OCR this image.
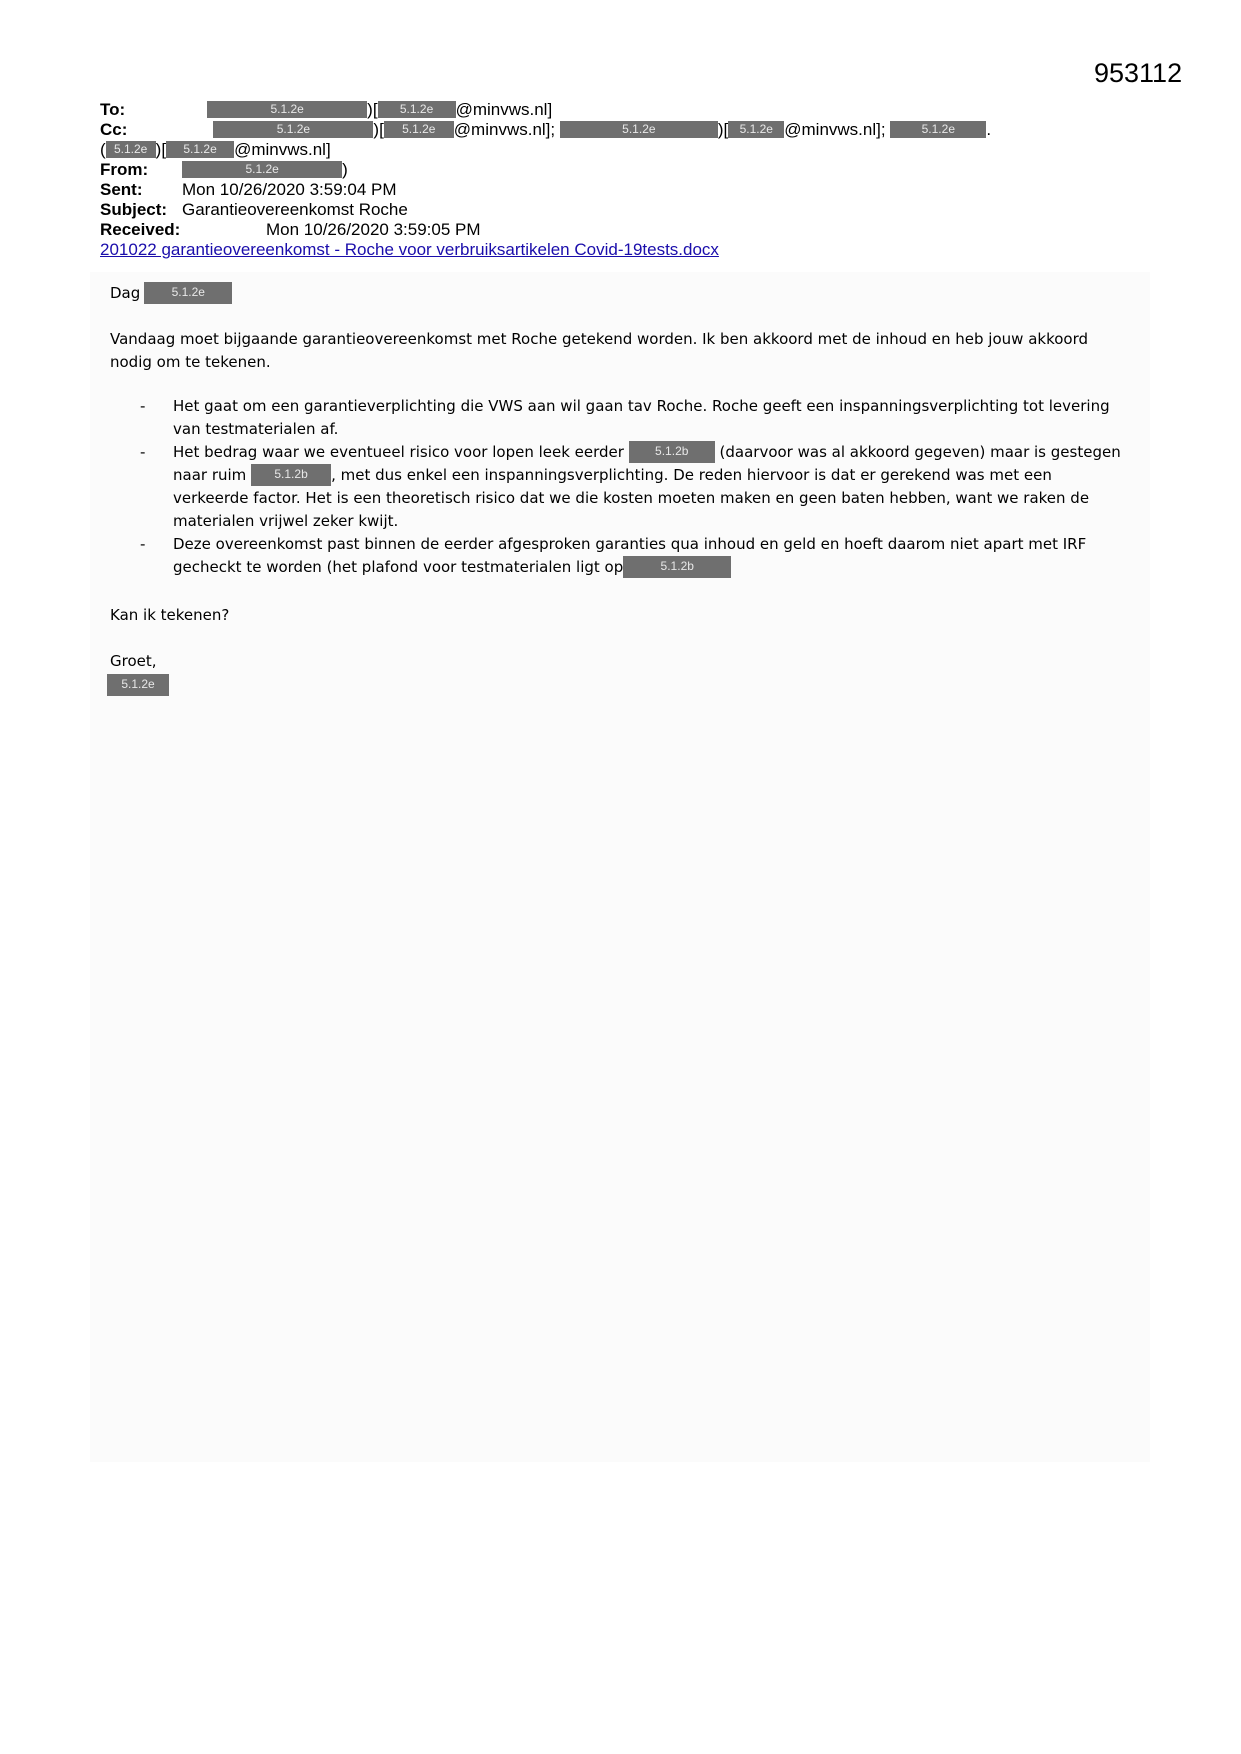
953112
To:	5.1.2e	)[ 5.1.2e @minvws.nl]
Cc:	5.1.2e	)[ 5.1.2e @minvws.nl];	5.1.2e	)[ 5.1.2e @minvws.nl];	5.1.2e .
( 5.1.2e )[ 5.1.2e @minvws.nl]
From:	5.1.2e	)
Sent: Mon 10/26/2020 3:59:04 PM
Subject: Garantieovereenkomst Roche
Received:	Mon 10/26/2020 3:59:05 PM
201022 garantieovereenkomst - Roche voor verbruiksartikelen Covid-19tests.docx

Dag	5.1.2e

Vandaag moet bijgaande garantieovereenkomst met Roche getekend worden. Ik ben akkoord met de inhoud en heb jouw akkoord nodig om te tekenen.

- Het gaat om een garantieverplichting die VWS aan wil gaan tav Roche. Roche geeft een inspanningsverplichting tot levering van testmaterialen af.
- Het bedrag waar we eventueel risico voor lopen leek eerder	5.1.2b (daarvoor was al akkoord gegeven) maar is gestegen naar ruim 5.1.2b , met dus enkel een inspanningsverplichting. De reden hiervoor is dat er gerekend was met een verkeerde factor. Het is een theoretisch risico dat we die kosten moeten maken en geen baten hebben, want we raken de materialen vrijwel zeker kwijt.
- Deze overeenkomst past binnen de eerder afgesproken garanties qua inhoud en geld en hoeft daarom niet apart met IRF gecheckt te worden (het plafond voor testmaterialen ligt op	5.1.2b

Kan ik tekenen?

Groet,

5.1.2e
